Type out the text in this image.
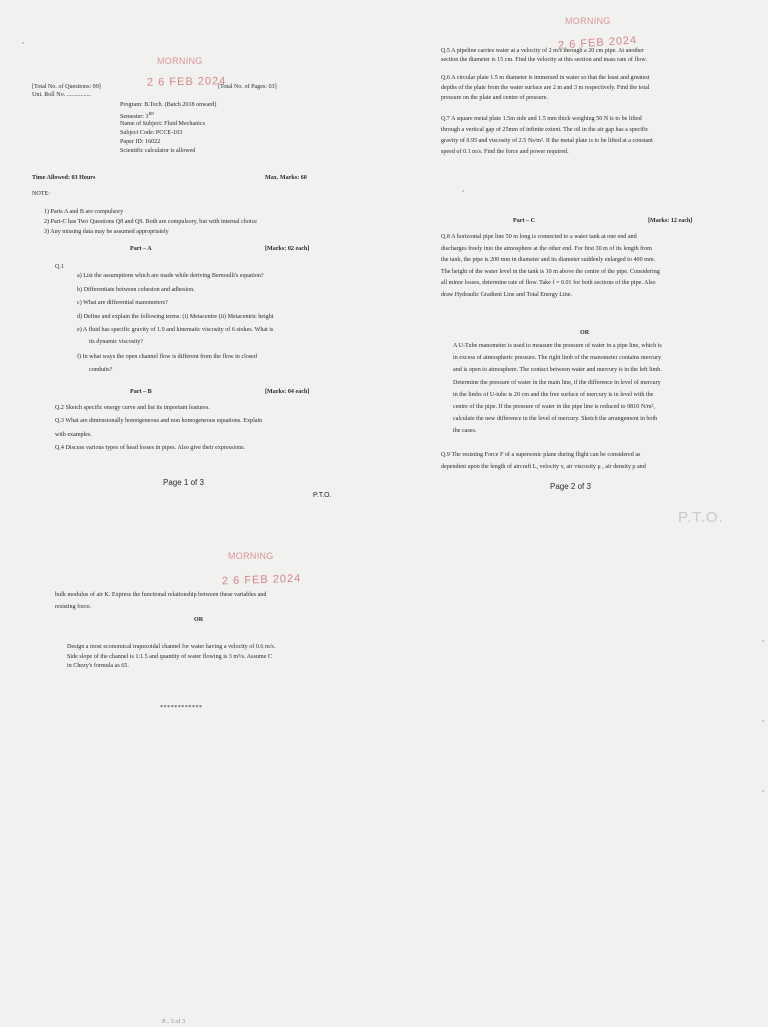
MORNING
2 6 FEB 2024
[Total No. of Questions: 09]	[Total No. of Pages: 03]
Uni. Roll No. ................
Program: B.Tech. (Batch 2018 onward)
Semester: 3RD
Name of Subject: Fluid Mechanics
Subject Code: PCCE-103
Paper ID: 16022
Scientific calculator is allowed
Time Allowed: 03 Hours	Max. Marks: 60
NOTE:
1) Parts A and B are compulsory
2) Part-C has Two Questions Q8 and Q9. Both are compulsory, but with internal choice
3) Any missing data may be assumed appropriately
Part – A	[Marks: 02 each]
Q.1
a) List the assumptions which are made while deriving Bernoulli's equation?
b) Differentiate between cohesion and adhesion.
c) What are differential manometers?
d) Define and explain the following terms: (i) Metacentre (ii) Metacentric height
e) A fluid has specific gravity of 1.9 and kinematic viscosity of 6 stokes. What is
its dynamic viscosity?
f) In what ways the open channel flow is different from the flow in closed
conduits?
Part – B	[Marks: 04 each]
Q.2 Sketch specific energy curve and list its important features.
Q.3 What are dimensionally homogeneous and non homogeneous equations. Explain
with examples.
Q.4 Discuss various types of head losses in pipes. Also give their expressions.
Page 1 of 3
P.T.O.
MORNING
2 6 FEB 2024
Q.5 A pipeline carries water at a velocity of 2 m/s through a 20 cm pipe. At another
section the diameter is 15 cm. Find the velocity at this section and mass rate of flow.
Q.6 A circular plate 1.5 m diameter is immersed in water so that the least and greatest
depths of the plate from the water surface are 2 m and 3 m respectively. Find the total
pressure on the plate and centre of pressure.
Q.7 A square metal plate 1.5m side and 1.5 mm thick weighing 50 N is to be lifted
through a vertical gap of 25mm of infinite extent. The oil in the air gap has a specific
gravity of 0.95 and viscosity of 2.5 Ns/m². If the metal plate is to be lifted at a constant
speed of 0.1 m/s. Find the force and power required.
Part – C	[Marks: 12 each]
Q.8 A horizontal pipe line 50 m long is connected to a water tank at one end and
discharges freely into the atmosphere at the other end. For first 30 m of its length from
the tank, the pipe is 200 mm in diameter and its diameter suddenly enlarged to 400 mm.
The height of the water level in the tank is 10 m above the centre of the pipe. Considering
all minor losses, determine rate of flow. Take f = 0.01 for both sections of the pipe. Also
draw Hydraulic Gradient Line and Total Energy Line.
OR
A U-Tube manometer is used to measure the pressure of water in a pipe line, which is
in excess of atmospheric pressure. The right limb of the manometer contains mercury
and is open to atmosphere. The contact between water and mercury is in the left limb.
Determine the pressure of water in the main line, if the difference in level of mercury
in the limbs of U-tube is 20 cm and the free surface of mercury is in level with the
centre of the pipe. If the pressure of water in the pipe line is reduced to 9810 N/m²,
calculate the new difference in the level of mercury. Sketch the arrangement in both
the cases.
Q.9 The resisting Force F of a supersonic plane during flight can be considered as
dependent upon the length of aircraft L, velocity v, air viscosity μ , air density ρ and
Page 2 of 3
P.T.O.
MORNING
2 6 FEB 2024
bulk modulus of air K. Express the functional relationship between these variables and
resisting force.
OR
Design a most economical trapezoidal channel for water having a velocity of 0.6 m/s.
Side slope of the channel is 1:1.5 and quantity of water flowing is 3 m³/s. Assume C
in Chezy's formula as 65.
************
P... 3 of 3
